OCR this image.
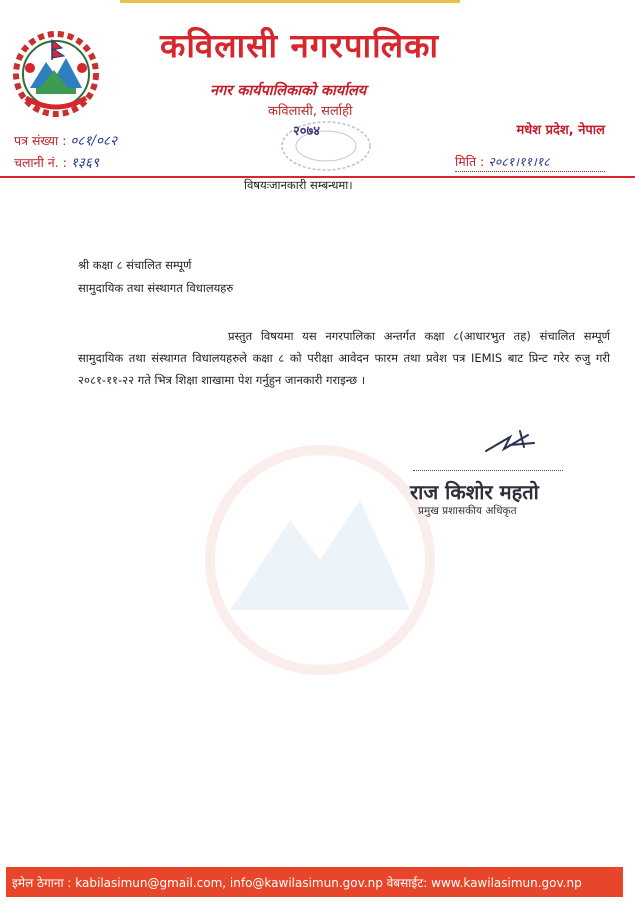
कविलासी नगरपालिका
नगर कार्यपालिकाको कार्यालय
कविलासी, सर्लाही
२०७४	मधेश प्रदेश, नेपाल
पत्र संख्या : ०८१/०८२
चलानी नं. : १३६९	मिति : २०८१।११।१८
विषयःजानकारी सम्बन्धमा।
श्री कक्षा ८ संचालित सम्पूर्ण
सामुदायिक तथा संस्थागत विधालयहरु
प्रस्तुत विषयमा यस नगरपालिका अन्तर्गत कक्षा ८(आधारभुत तह) संचालित सम्पूर्ण सामुदायिक तथा संस्थागत विधालयहरुले कक्षा ८ को परीक्षा आवेदन फारम तथा प्रवेश पत्र IEMIS बाट प्रिन्ट गरेर रुजु गरी २०८१-११-२२ गते भित्र शिक्षा शाखामा पेश गर्नुहुन जानकारी गराइन्छ ।
राज किशोर महतो
प्रमुख प्रशासकीय अधिकृत
इमेल ठेगाना : kabilasimun@gmail.com, info@kawilasimun.gov.np वेबसाईट: www.kawilasimun.gov.np
